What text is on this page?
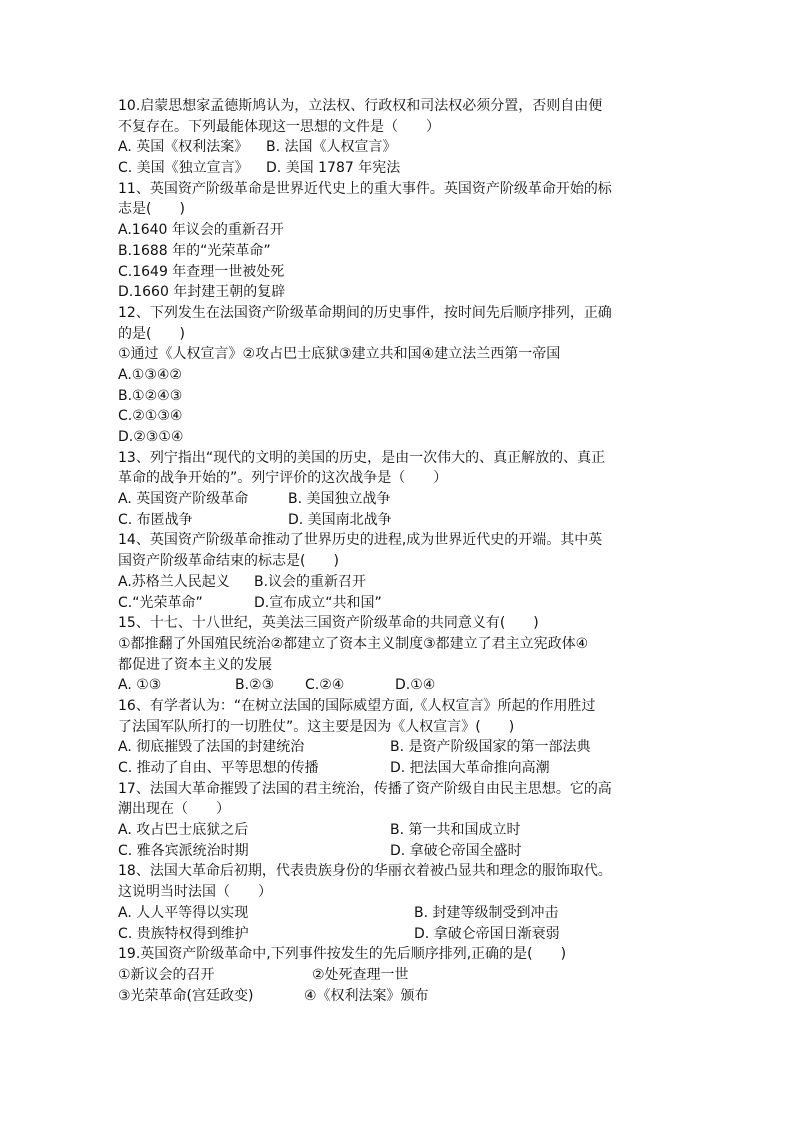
10.启蒙思想家孟德斯鸠认为，立法权、行政权和司法权必须分置，否则自由便
不复存在。下列最能体现这一思想的文件是（　　）
A. 英国《权利法案》	B. 法国《人权宣言》
C. 美国《独立宣言》	D. 美国 1787 年宪法
11、英国资产阶级革命是世界近代史上的重大事件。英国资产阶级革命开始的标
志是(　　)
A.1640 年议会的重新召开
B.1688 年的“光荣革命”
C.1649 年查理一世被处死
D.1660 年封建王朝的复辟
12、下列发生在法国资产阶级革命期间的历史事件，按时间先后顺序排列，正确
的是(　　)
①通过《人权宣言》②攻占巴士底狱③建立共和国④建立法兰西第一帝国
A.①③④②
B.①②④③
C.②①③④
D.②③①④
13、列宁指出“现代的文明的美国的历史，是由一次伟大的、真正解放的、真正
革命的战争开始的”。列宁评价的这次战争是（　　）
A. 英国资产阶级革命	B. 美国独立战争
C. 布匿战争	D. 美国南北战争
14、英国资产阶级革命推动了世界历史的进程,成为世界近代史的开端。其中英
国资产阶级革命结束的标志是(　　)
A.苏格兰人民起义	B.议会的重新召开
C.“光荣革命”	D.宣布成立“共和国”
15、十七、十八世纪，英美法三国资产阶级革命的共同意义有(　　)
①都推翻了外国殖民统治②都建立了资本主义制度③都建立了君主立宪政体④
都促进了资本主义的发展
A. ①③	B.②③	C.②④	D.①④
16、有学者认为：“在树立法国的国际威望方面,《人权宣言》所起的作用胜过
了法国军队所打的一切胜仗”。这主要是因为《人权宣言》(　　)
A. 彻底摧毁了法国的封建统治	B. 是资产阶级国家的第一部法典
C. 推动了自由、平等思想的传播	D. 把法国大革命推向高潮
17、法国大革命摧毁了法国的君主统治，传播了资产阶级自由民主思想。它的高
潮出现在（　　）
A. 攻占巴士底狱之后	B. 第一共和国成立时
C. 雅各宾派统治时期	D. 拿破仑帝国全盛时
18、法国大革命后初期，代表贵族身份的华丽衣着被凸显共和理念的服饰取代。
这说明当时法国（　　）
A. 人人平等得以实现	B. 封建等级制受到冲击
C. 贵族特权得到维护	D. 拿破仑帝国日渐衰弱
19.英国资产阶级革命中,下列事件按发生的先后顺序排列,正确的是(　　)
①新议会的召开	②处死查理一世
③光荣革命(宫廷政变)	④《权利法案》颁布
